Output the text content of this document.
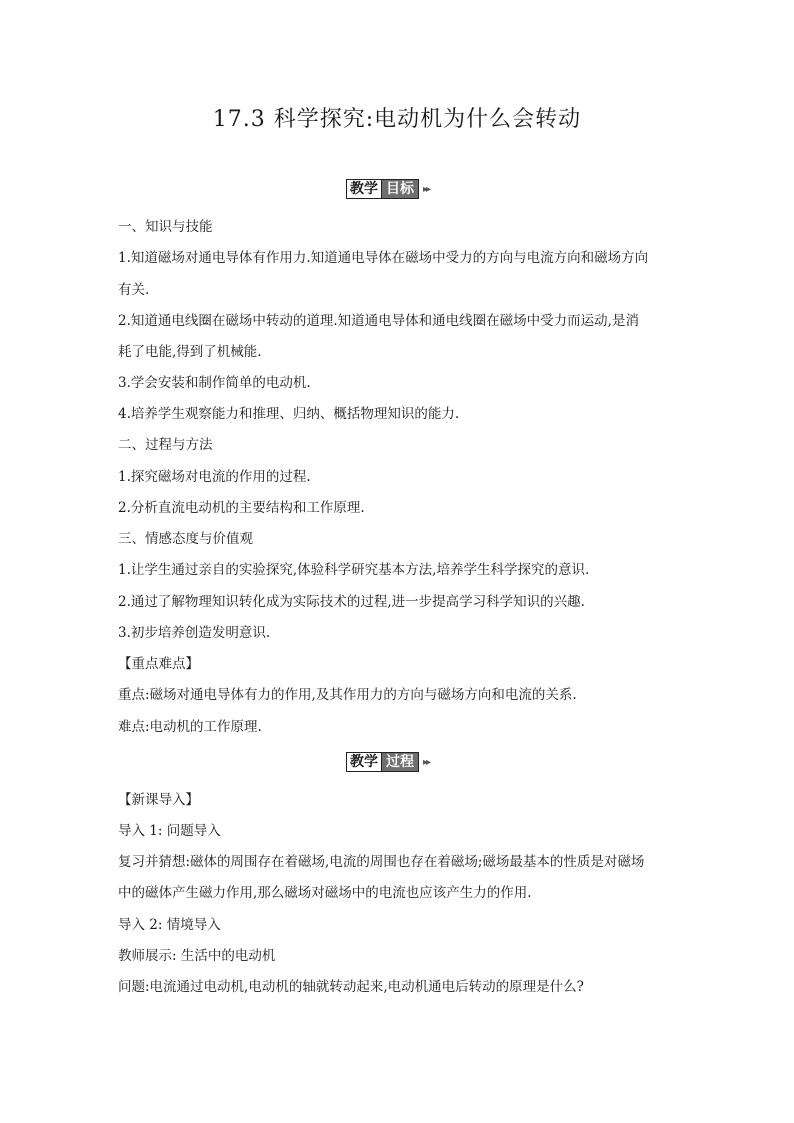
17.3 科学探究:电动机为什么会转动
教学 目标 ▸▸
一、知识与技能
1.知道磁场对通电导体有作用力.知道通电导体在磁场中受力的方向与电流方向和磁场方向
有关.
2.知道通电线圈在磁场中转动的道理.知道通电导体和通电线圈在磁场中受力而运动,是消
耗了电能,得到了机械能.
3.学会安装和制作简单的电动机.
4.培养学生观察能力和推理、归纳、概括物理知识的能力.
二、过程与方法
1.探究磁场对电流的作用的过程.
2.分析直流电动机的主要结构和工作原理.
三、情感态度与价值观
1.让学生通过亲自的实验探究,体验科学研究基本方法,培养学生科学探究的意识.
2.通过了解物理知识转化成为实际技术的过程,进一步提高学习科学知识的兴趣.
3.初步培养创造发明意识.
【重点难点】
重点:磁场对通电导体有力的作用,及其作用力的方向与磁场方向和电流的关系.
难点:电动机的工作原理.
教学 过程 ▸▸
【新课导入】
导入 1: 问题导入
复习并猜想:磁体的周围存在着磁场,电流的周围也存在着磁场;磁场最基本的性质是对磁场
中的磁体产生磁力作用,那么磁场对磁场中的电流也应该产生力的作用.
导入 2: 情境导入
教师展示: 生活中的电动机
问题:电流通过电动机,电动机的轴就转动起来,电动机通电后转动的原理是什么?
